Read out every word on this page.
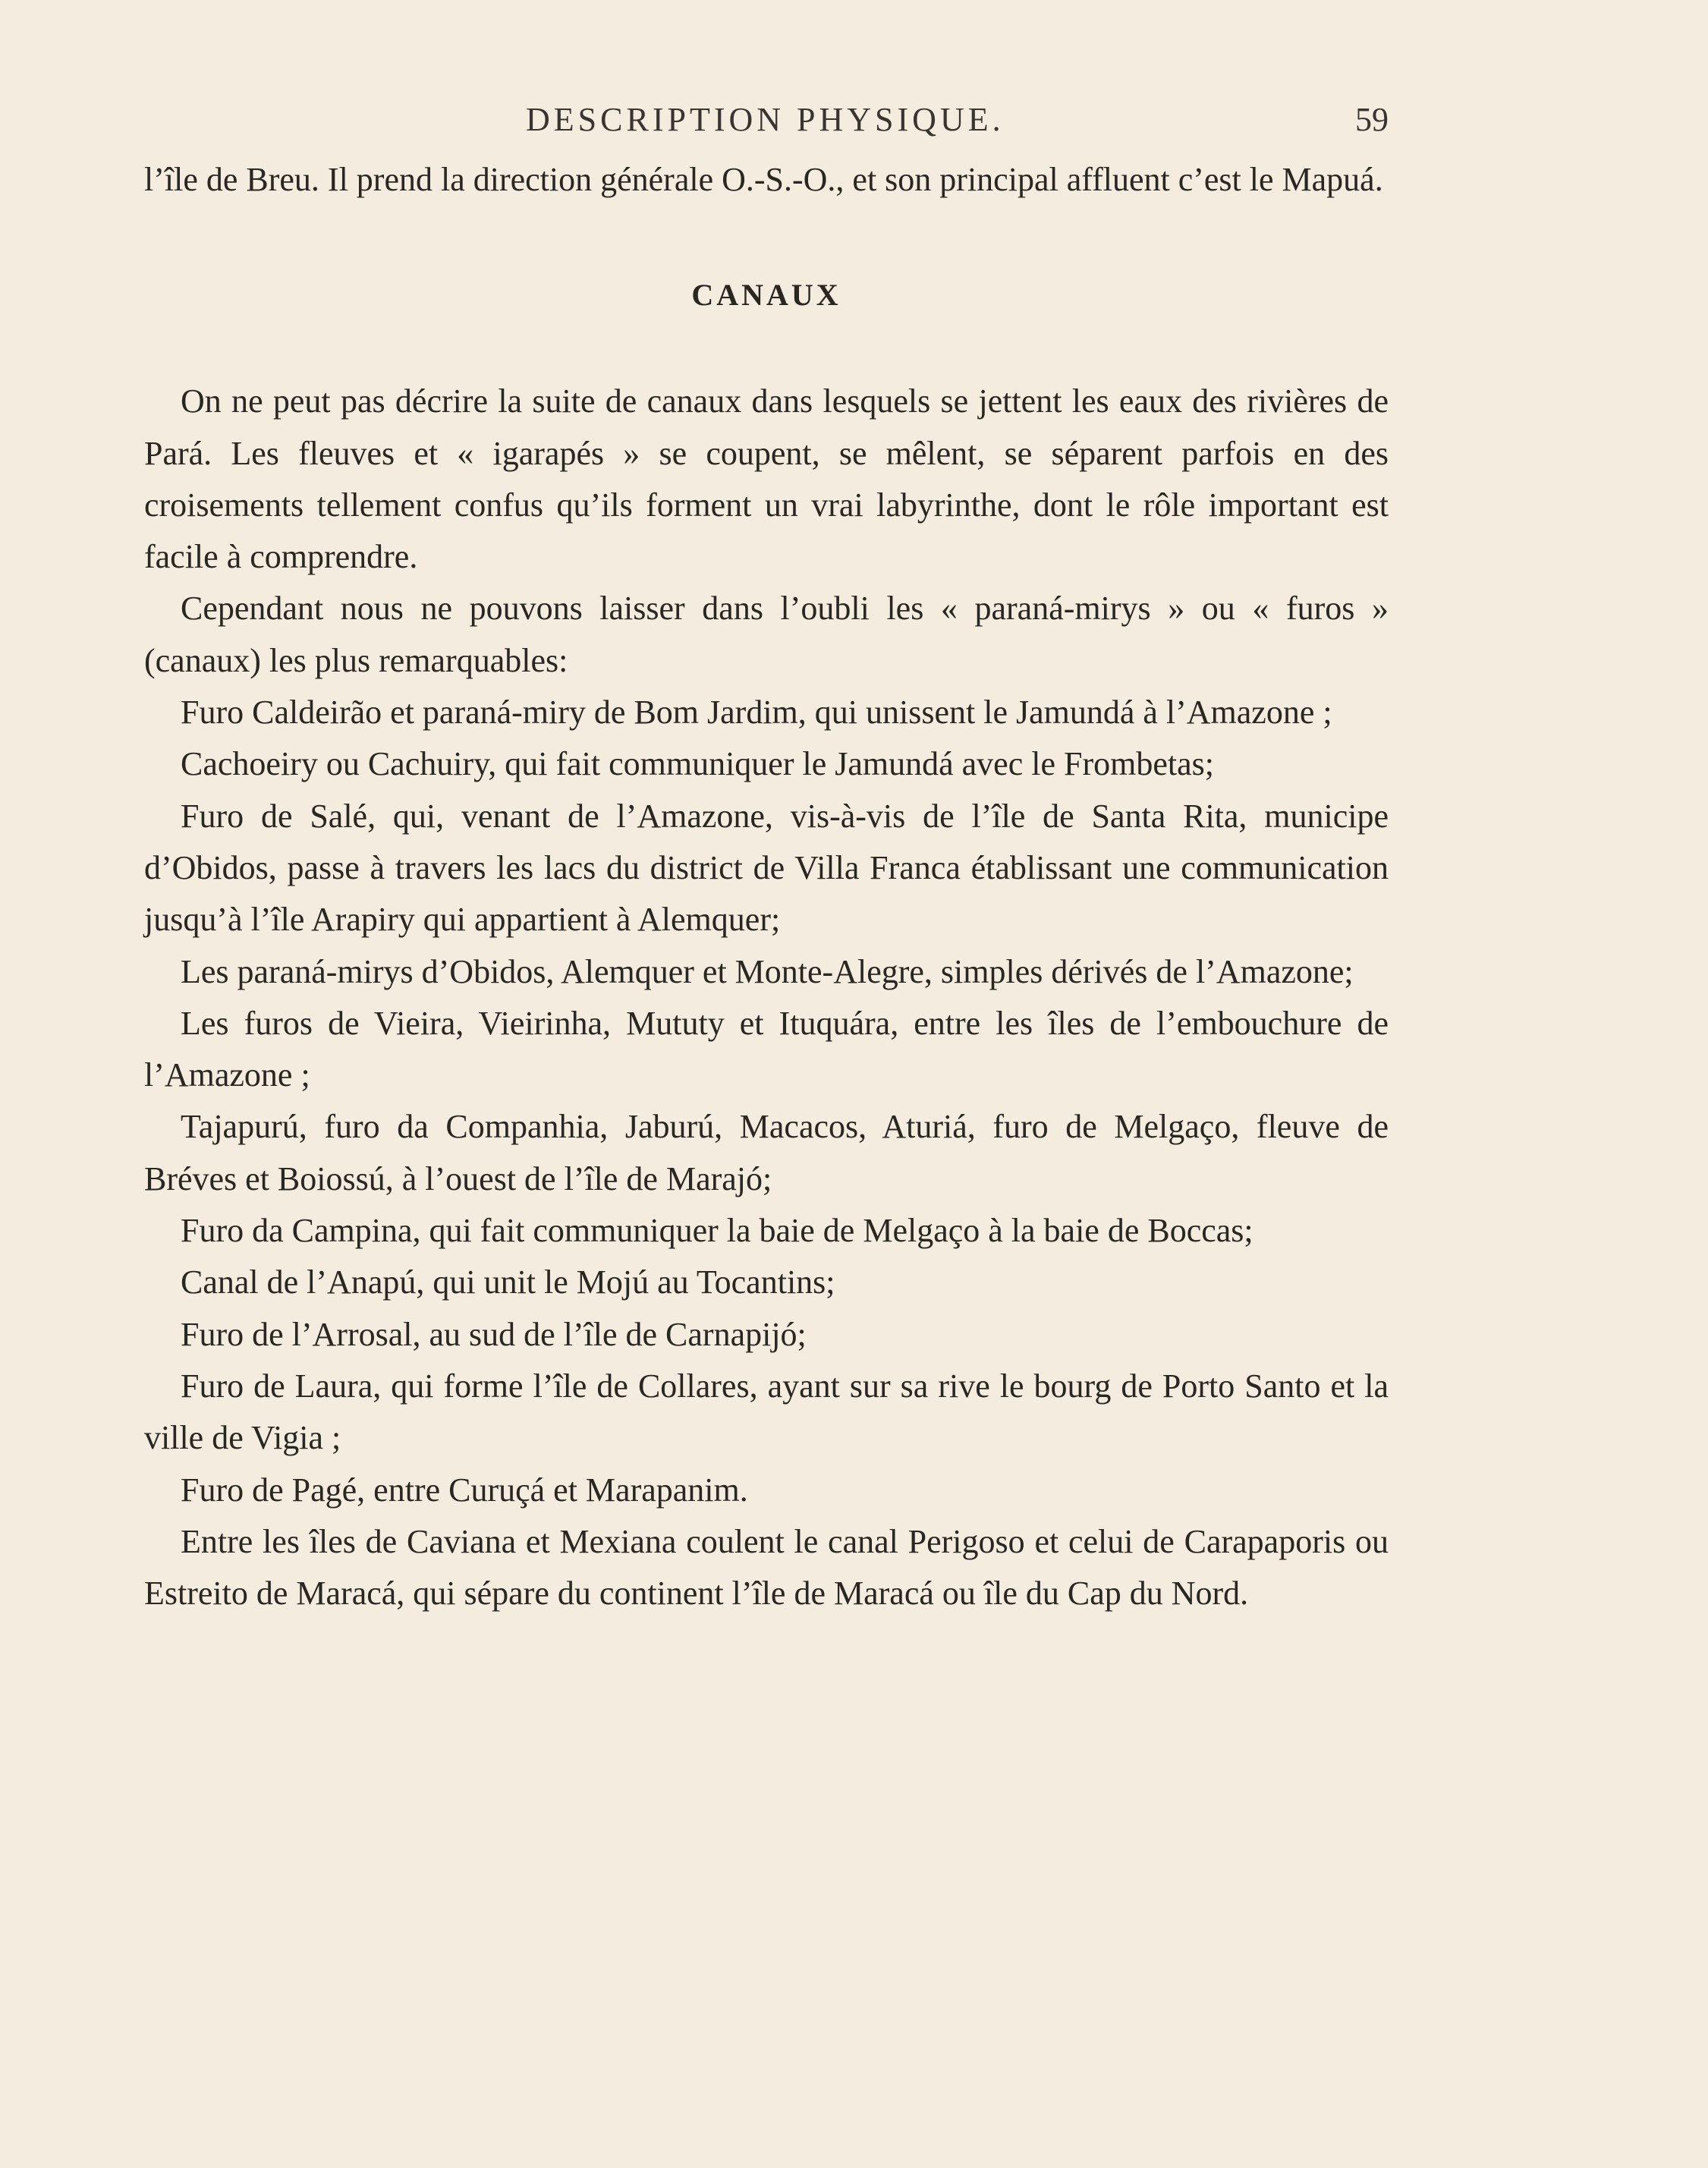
DESCRIPTION PHYSIQUE.	59

l’île de Breu. Il prend la direction générale O.-S.-O., et son principal affluent c’est le Mapuá.

CANAUX

On ne peut pas décrire la suite de canaux dans lesquels se jettent les eaux des rivières de Pará. Les fleuves et « igarapés » se coupent, se mêlent, se séparent parfois en des croisements tellement confus qu’ils forment un vrai labyrinthe, dont le rôle important est facile à comprendre.

Cependant nous ne pouvons laisser dans l’oubli les « paraná-mirys » ou « furos » (canaux) les plus remarquables:

Furo Caldeirão et paraná-miry de Bom Jardim, qui unissent le Jamundá à l’Amazone ;

Cachoeiry ou Cachuiry, qui fait communiquer le Jamundá avec le Frombetas;

Furo de Salé, qui, venant de l’Amazone, vis-à-vis de l’île de Santa Rita, municipe d’Obidos, passe à travers les lacs du district de Villa Franca établissant une communication jusqu’à l’île Arapiry qui appartient à Alemquer;

Les paraná-mirys d’Obidos, Alemquer et Monte-Alegre, simples dérivés de l’Amazone;

Les furos de Vieira, Vieirinha, Mututy et Ituquára, entre les îles de l’embouchure de l’Amazone ;

Tajapurú, furo da Companhia, Jaburú, Macacos, Aturiá, furo de Melgaço, fleuve de Bréves et Boiossú, à l’ouest de l’île de Marajó;

Furo da Campina, qui fait communiquer la baie de Melgaço à la baie de Boccas;

Canal de l’Anapú, qui unit le Mojú au Tocantins;

Furo de l’Arrosal, au sud de l’île de Carnapijó;

Furo de Laura, qui forme l’île de Collares, ayant sur sa rive le bourg de Porto Santo et la ville de Vigia ;

Furo de Pagé, entre Curuçá et Marapanim.

Entre les îles de Caviana et Mexiana coulent le canal Perigoso et celui de Carapaporis ou Estreito de Maracá, qui sépare du continent l’île de Maracá ou île du Cap du Nord.
